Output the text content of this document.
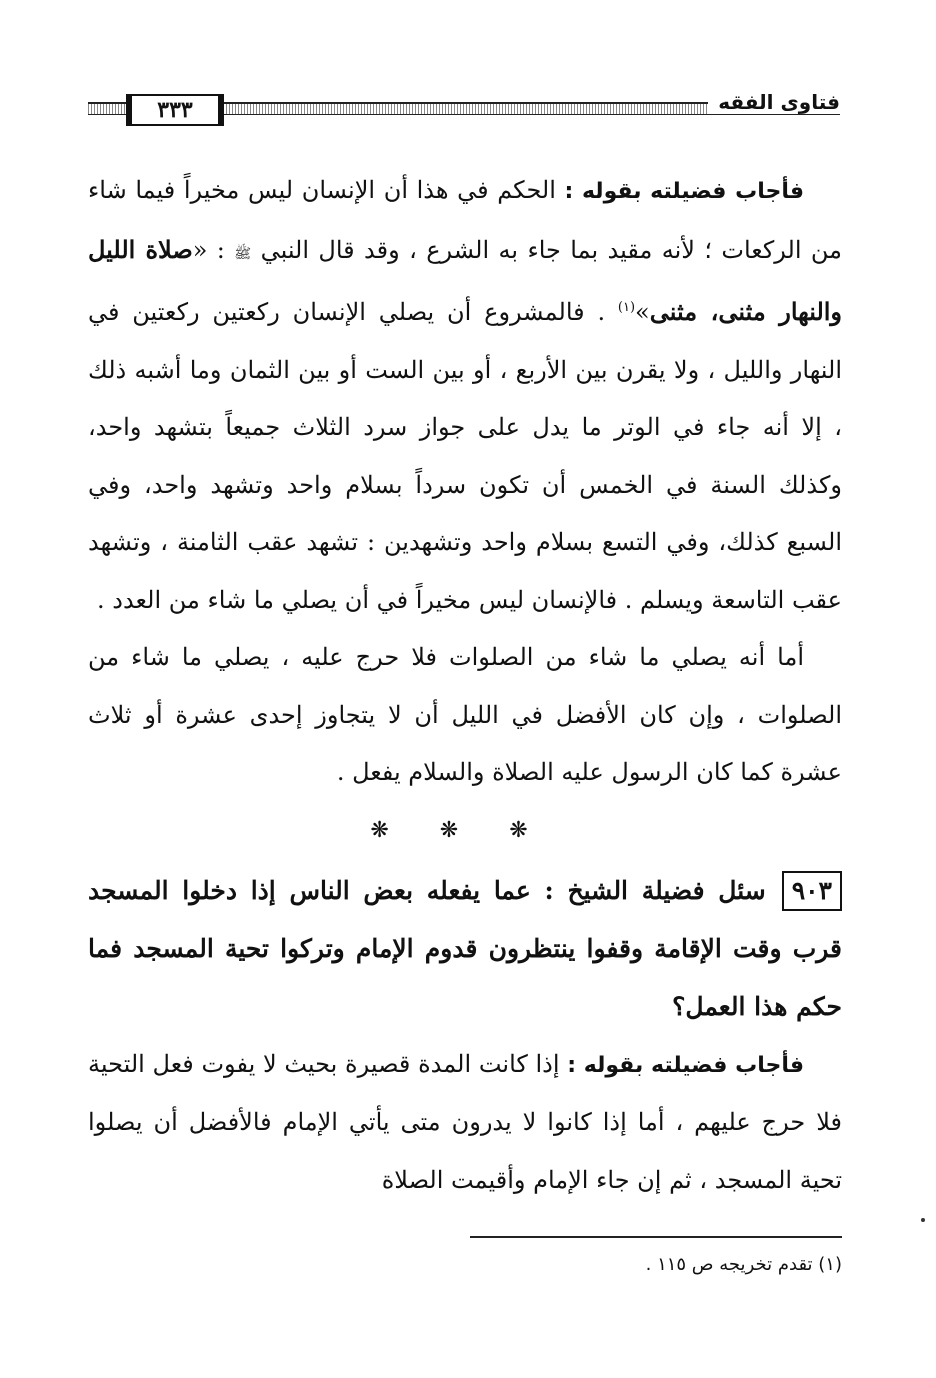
فتاوى الفقه
٣٣٣

فأجاب فضيلته بقوله : الحكم في هذا أن الإنسان ليس مخيراً فيما شاء من الركعات ؛ لأنه مقيد بما جاء به الشرع ، وقد قال النبي ﷺ : «صلاة الليل والنهار مثنى، مثنى»$^{(١)}$ . فالمشروع أن يصلي الإنسان ركعتين ركعتين في النهار والليل ، ولا يقرن بين الأربع ، أو بين الست أو بين الثمان وما أشبه ذلك ، إلا أنه جاء في الوتر ما يدل على جواز سرد الثلاث جميعاً بتشهد واحد، وكذلك السنة في الخمس أن تكون سرداً بسلام واحد وتشهد واحد، وفي السبع كذلك، وفي التسع بسلام واحد وتشهدين : تشهد عقب الثامنة ، وتشهد عقب التاسعة ويسلم . فالإنسان ليس مخيراً في أن يصلي ما شاء من العدد .

أما أنه يصلي ما شاء من الصلوات فلا حرج عليه ، يصلي ما شاء من الصلوات ، وإن كان الأفضل في الليل أن لا يتجاوز إحدى عشرة أو ثلاث عشرة كما كان الرسول عليه الصلاة والسلام يفعل .

❋ ❋ ❋

٩٠٣سئل فضيلة الشيخ : عما يفعله بعض الناس إذا دخلوا المسجد قرب وقت الإقامة وقفوا ينتظرون قدوم الإمام وتركوا تحية المسجد فما حكم هذا العمل؟

فأجاب فضيلته بقوله : إذا كانت المدة قصيرة بحيث لا يفوت فعل التحية فلا حرج عليهم ، أما إذا كانوا لا يدرون متى يأتي الإمام فالأفضل أن يصلوا تحية المسجد ، ثم إن جاء الإمام وأقيمت الصلاة

(١) تقدم تخريجه ص ١١٥ .
